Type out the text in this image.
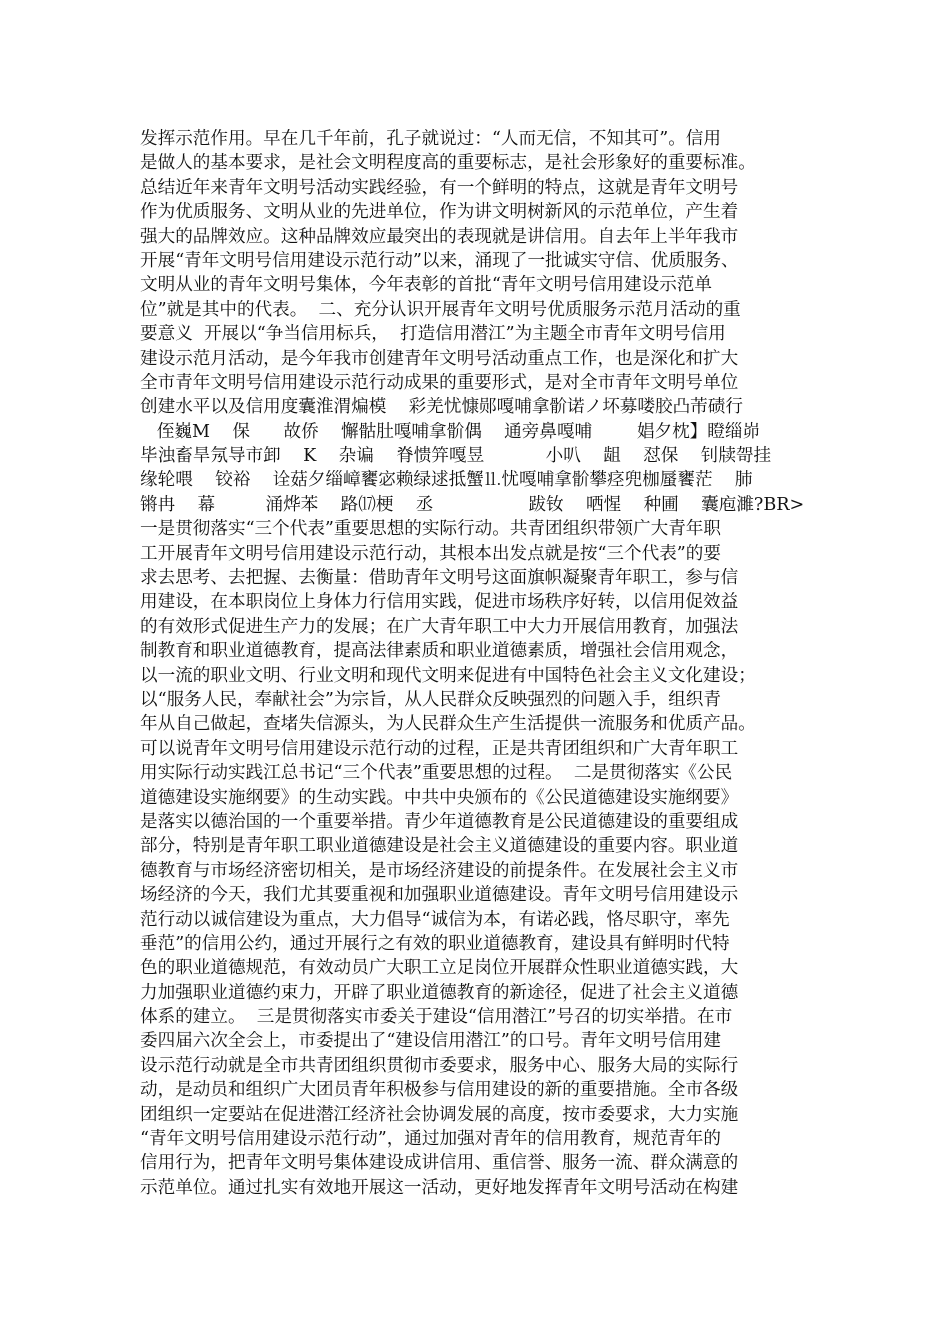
发挥示范作用。早在几千年前，孔子就说过：“人而无信，不知其可”。信用
是做人的基本要求，是社会文明程度高的重要标志，是社会形象好的重要标准。
总结近年来青年文明号活动实践经验，有一个鲜明的特点，这就是青年文明号
作为优质服务、文明从业的先进单位，作为讲文明树新风的示范单位，产生着
强大的品牌效应。这种品牌效应最突出的表现就是讲信用。自去年上半年我市
开展“青年文明号信用建设示范行动”以来，涌现了一批诚实守信、优质服务、
文明从业的青年文明号集体，今年表彰的首批“青年文明号信用建设示范单
位”就是其中的代表。  二、充分认识开展青年文明号优质服务示范月活动的重
要意义  开展以“争当信用标兵，  打造信用潜江”为主题全市青年文明号信用
建设示范月活动，是今年我市创建青年文明号活动重点工作，也是深化和扩大
全市青年文明号信用建设示范行动成果的重要形式，是对全市青年文明号单位
创建水平以及信用度囊淮渭煸模    彩羌忧慷郧嘎哺拿骱诺ノ坏募喽胶凸芾碛行
侄巍M    保      故侨    懈骷肚嘎哺拿骱偶    通旁鼻嘎哺        娼夕枕】瞪缁峁
毕浊畜旱氖导市卸    K    杂谝    脊愦笄嘎昱           小叭    龃    怼保    钊牍哿挂
缘轮喂    铰裕    诠菇夕缁嶂饔宓赖绿逑抵蟹⒒忧嘎哺拿骱攀痉兜枷蜃饔茫    肺
锵冉    幕         涌烨苯    路⒄梗    丞                 跋钕    哂惺    种圃    囊庖濉?BR>
一是贯彻落实“三个代表”重要思想的实际行动。共青团组织带领广大青年职
工开展青年文明号信用建设示范行动，其根本出发点就是按“三个代表”的要
求去思考、去把握、去衡量：借助青年文明号这面旗帜凝聚青年职工，参与信
用建设，在本职岗位上身体力行信用实践，促进市场秩序好转，以信用促效益
的有效形式促进生产力的发展；在广大青年职工中大力开展信用教育，加强法
制教育和职业道德教育，提高法律素质和职业道德素质，增强社会信用观念，
以一流的职业文明、行业文明和现代文明来促进有中国特色社会主义文化建设；
以“服务人民，奉献社会”为宗旨，从人民群众反映强烈的问题入手，组织青
年从自己做起，查堵失信源头，为人民群众生产生活提供一流服务和优质产品。
可以说青年文明号信用建设示范行动的过程，正是共青团组织和广大青年职工
用实际行动实践江总书记“三个代表”重要思想的过程。  二是贯彻落实《公民
道德建设实施纲要》的生动实践。中共中央颁布的《公民道德建设实施纲要》
是落实以德治国的一个重要举措。青少年道德教育是公民道德建设的重要组成
部分，特别是青年职工职业道德建设是社会主义道德建设的重要内容。职业道
德教育与市场经济密切相关，是市场经济建设的前提条件。在发展社会主义市
场经济的今天，我们尤其要重视和加强职业道德建设。青年文明号信用建设示
范行动以诚信建设为重点，大力倡导“诚信为本，有诺必践，恪尽职守，率先
垂范”的信用公约，通过开展行之有效的职业道德教育，建设具有鲜明时代特
色的职业道德规范，有效动员广大职工立足岗位开展群众性职业道德实践，大
力加强职业道德约束力，开辟了职业道德教育的新途径，促进了社会主义道德
体系的建立。  三是贯彻落实市委关于建设“信用潜江”号召的切实举措。在市
委四届六次全会上，市委提出了“建设信用潜江”的口号。青年文明号信用建
设示范行动就是全市共青团组织贯彻市委要求，服务中心、服务大局的实际行
动，是动员和组织广大团员青年积极参与信用建设的新的重要措施。全市各级
团组织一定要站在促进潜江经济社会协调发展的高度，按市委要求，大力实施
“青年文明号信用建设示范行动”，通过加强对青年的信用教育，规范青年的
信用行为，把青年文明号集体建设成讲信用、重信誉、服务一流、群众满意的
示范单位。通过扎实有效地开展这一活动，更好地发挥青年文明号活动在构建
